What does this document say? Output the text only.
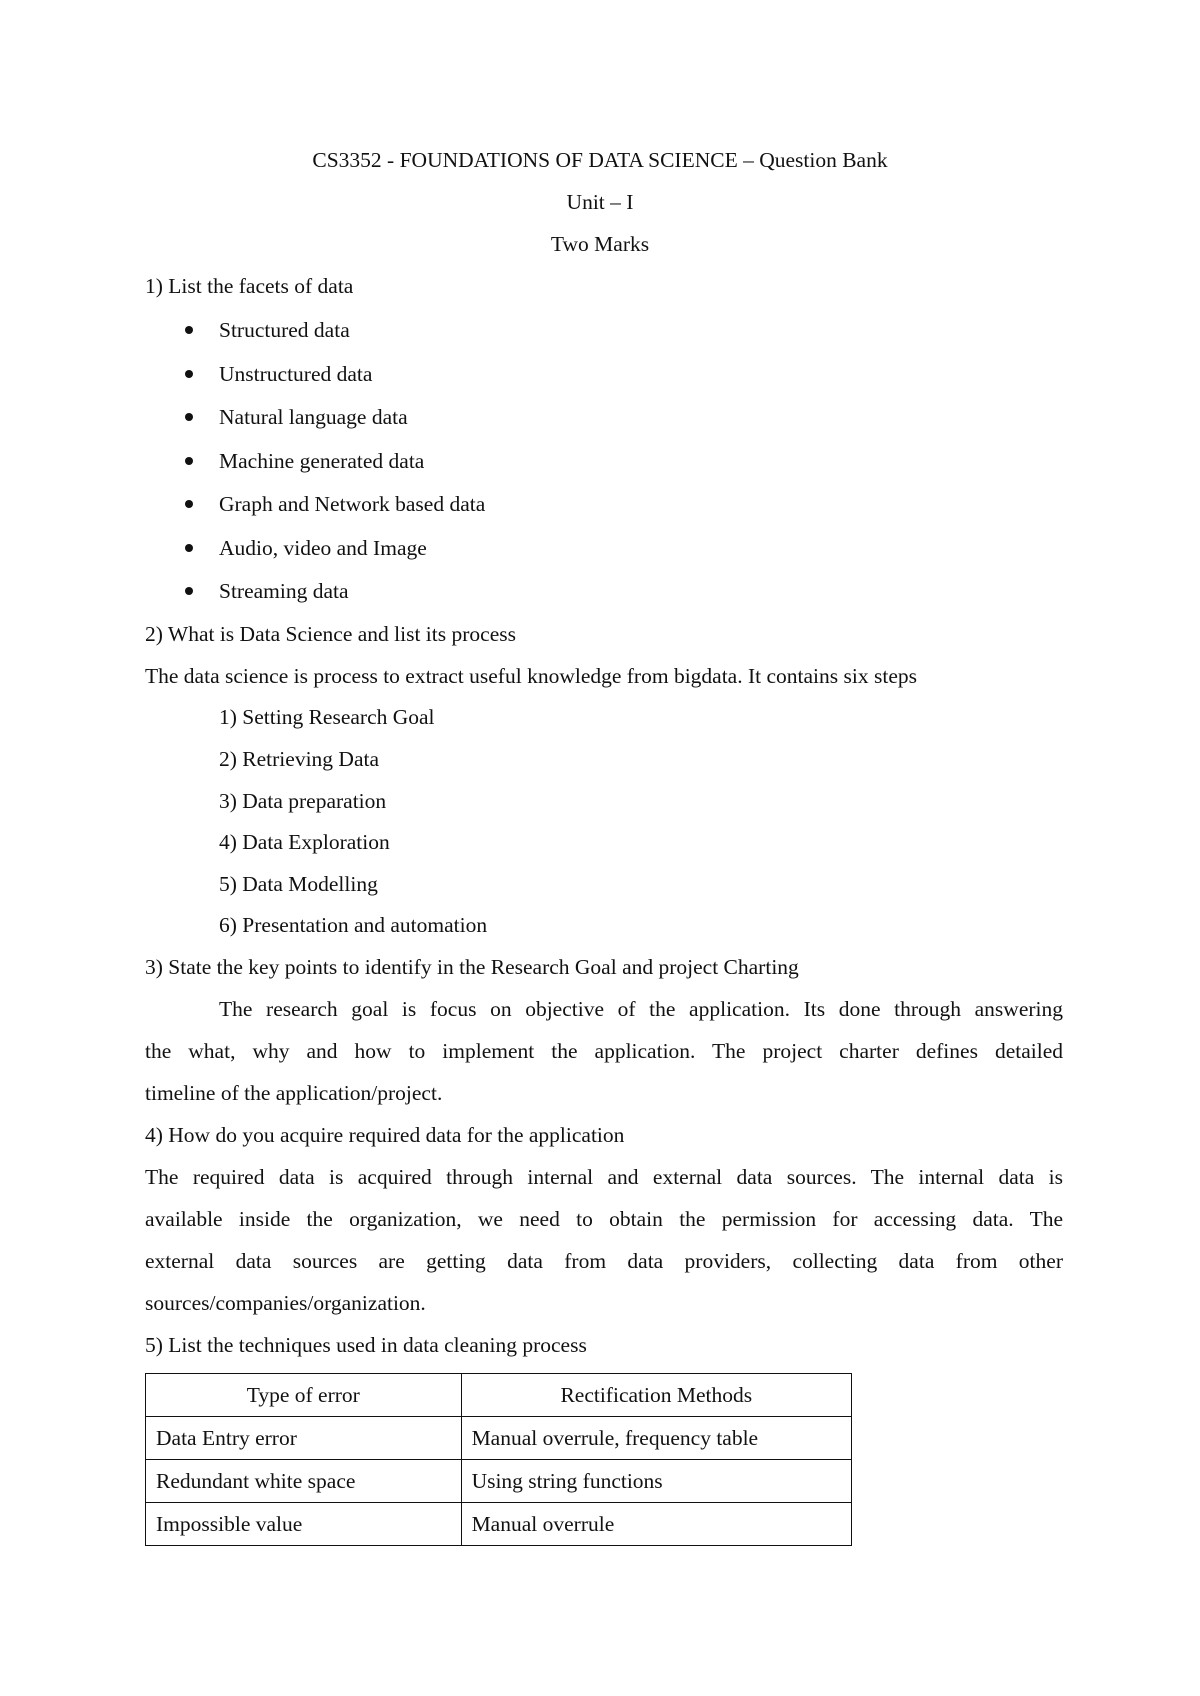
CS3352 - FOUNDATIONS OF DATA SCIENCE – Question Bank
Unit – I
Two Marks
1) List the facets of data
Structured data
Unstructured data
Natural language data
Machine generated data
Graph and Network based data
Audio, video and Image
Streaming data
2) What is Data Science and list its process
The data science is process to extract useful knowledge from bigdata. It contains six steps
1) Setting Research Goal
2) Retrieving Data
3) Data preparation
4) Data Exploration
5) Data Modelling
6) Presentation and automation
3) State the key points to identify in the Research Goal and project Charting
The research goal is focus on objective of the application. Its done through answering
the what, why and how to implement the application. The project charter defines detailed
timeline of the application/project.
4) How do you acquire required data for the application
The required data is acquired through internal and external data sources. The internal data is
available inside the organization, we need to obtain the permission for accessing data. The
external data sources are getting data from data providers, collecting data from other
sources/companies/organization.
5) List the techniques used in data cleaning process
Type of error	Rectification Methods
Data Entry error	Manual overrule, frequency table
Redundant white space	Using string functions
Impossible value	Manual overrule
